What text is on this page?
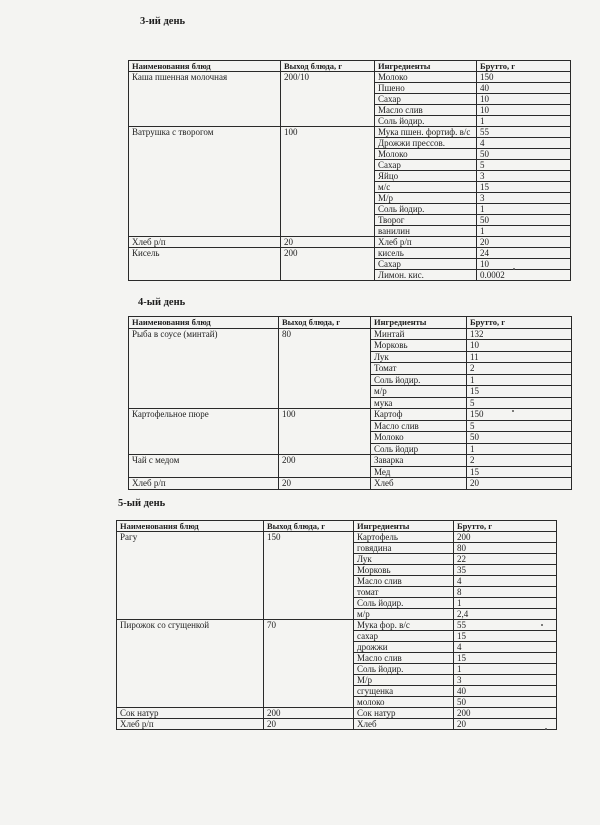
3-ий день
Наименования блюд	Выход блюда, г	Ингредиенты	Брутто, г
Каша пшенная молочная	200/10	Молоко	150
		Пшено	40
		Сахар	10
		Масло слив	10
		Соль йодир.	1
Ватрушка с творогом	100	Мука пшен. фортиф. в/с	55
		Дрожжи прессов.	4
		Молоко	50
		Сахар	5
		Яйцо	3
		м/с	15
		М/р	3
		Соль йодир.	1
		Творог	50
		ванилин	1
Хлеб р/п	20	Хлеб р/п	20
Кисель	200	кисель	24
		Сахар	10
		Лимон. кис.	0.0002
4-ый день
Наименования блюд	Выход блюда, г	Ингредиенты	Брутто, г
Рыба в соусе (минтай)	80	Минтай	132
		Морковь	10
		Лук	11
		Томат	2
		Соль йодир.	1
		м/р	15
		мука	5
Картофельное пюре	100	Картоф	150
		Масло слив	5
		Молоко	50
		Соль йодир	1
Чай с медом	200	Заварка	2
		Мед	15
Хлеб р/п	20	Хлеб	20
5-ый день
Наименования блюд	Выход блюда, г	Ингредиенты	Брутто, г
Рагу	150	Картофель	200
		говядина	80
		Лук	22
		Морковь	35
		Масло слив	4
		томат	8
		Соль йодир.	1
		м/р	2,4
Пирожок со сгущенкой	70	Мука фор. в/с	55
		сахар	15
		дрожжи	4
		Масло слив	15
		Соль йодир.	1
		М/р	3
		сгущенка	40
		молоко	50
Сок натур	200	Сок натур	200
Хлеб р/п	20	Хлеб	20
